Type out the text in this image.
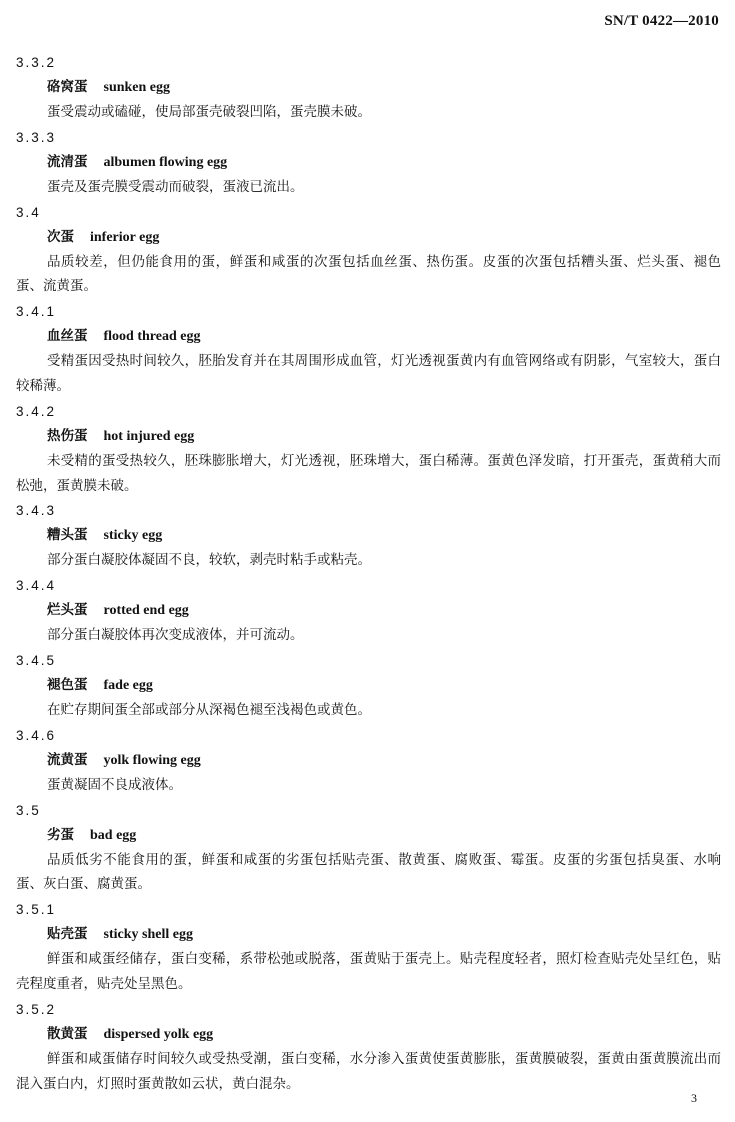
SN/T 0422—2010
3.3.2
硌窝蛋 sunken egg
蛋受震动或磕碰，使局部蛋壳破裂凹陷，蛋壳膜未破。
3.3.3
流清蛋 albumen flowing egg
蛋壳及蛋壳膜受震动而破裂，蛋液已流出。
3.4
次蛋 inferior egg
品质较差，但仍能食用的蛋，鲜蛋和咸蛋的次蛋包括血丝蛋、热伤蛋。皮蛋的次蛋包括糟头蛋、烂头蛋、褪色蛋、流黄蛋。
3.4.1
血丝蛋 flood thread egg
受精蛋因受热时间较久，胚胎发育并在其周围形成血管，灯光透视蛋黄内有血管网络或有阴影，气室较大，蛋白较稀薄。
3.4.2
热伤蛋 hot injured egg
未受精的蛋受热较久，胚珠膨胀增大，灯光透视，胚珠增大，蛋白稀薄。蛋黄色泽发暗，打开蛋壳，蛋黄稍大而松弛，蛋黄膜未破。
3.4.3
糟头蛋 sticky egg
部分蛋白凝胶体凝固不良，较软，剥壳时粘手或粘壳。
3.4.4
烂头蛋 rotted end egg
部分蛋白凝胶体再次变成液体，并可流动。
3.4.5
褪色蛋 fade egg
在贮存期间蛋全部或部分从深褐色褪至浅褐色或黄色。
3.4.6
流黄蛋 yolk flowing egg
蛋黄凝固不良成液体。
3.5
劣蛋 bad egg
品质低劣不能食用的蛋，鲜蛋和咸蛋的劣蛋包括贴壳蛋、散黄蛋、腐败蛋、霉蛋。皮蛋的劣蛋包括臭蛋、水响蛋、灰白蛋、腐黄蛋。
3.5.1
贴壳蛋 sticky shell egg
鲜蛋和咸蛋经储存，蛋白变稀，系带松弛或脱落，蛋黄贴于蛋壳上。贴壳程度轻者，照灯检查贴壳处呈红色，贴壳程度重者，贴壳处呈黑色。
3.5.2
散黄蛋 dispersed yolk egg
鲜蛋和咸蛋储存时间较久或受热受潮，蛋白变稀，水分渗入蛋黄使蛋黄膨胀，蛋黄膜破裂，蛋黄由蛋黄膜流出而混入蛋白内，灯照时蛋黄散如云状，黄白混杂。
3
